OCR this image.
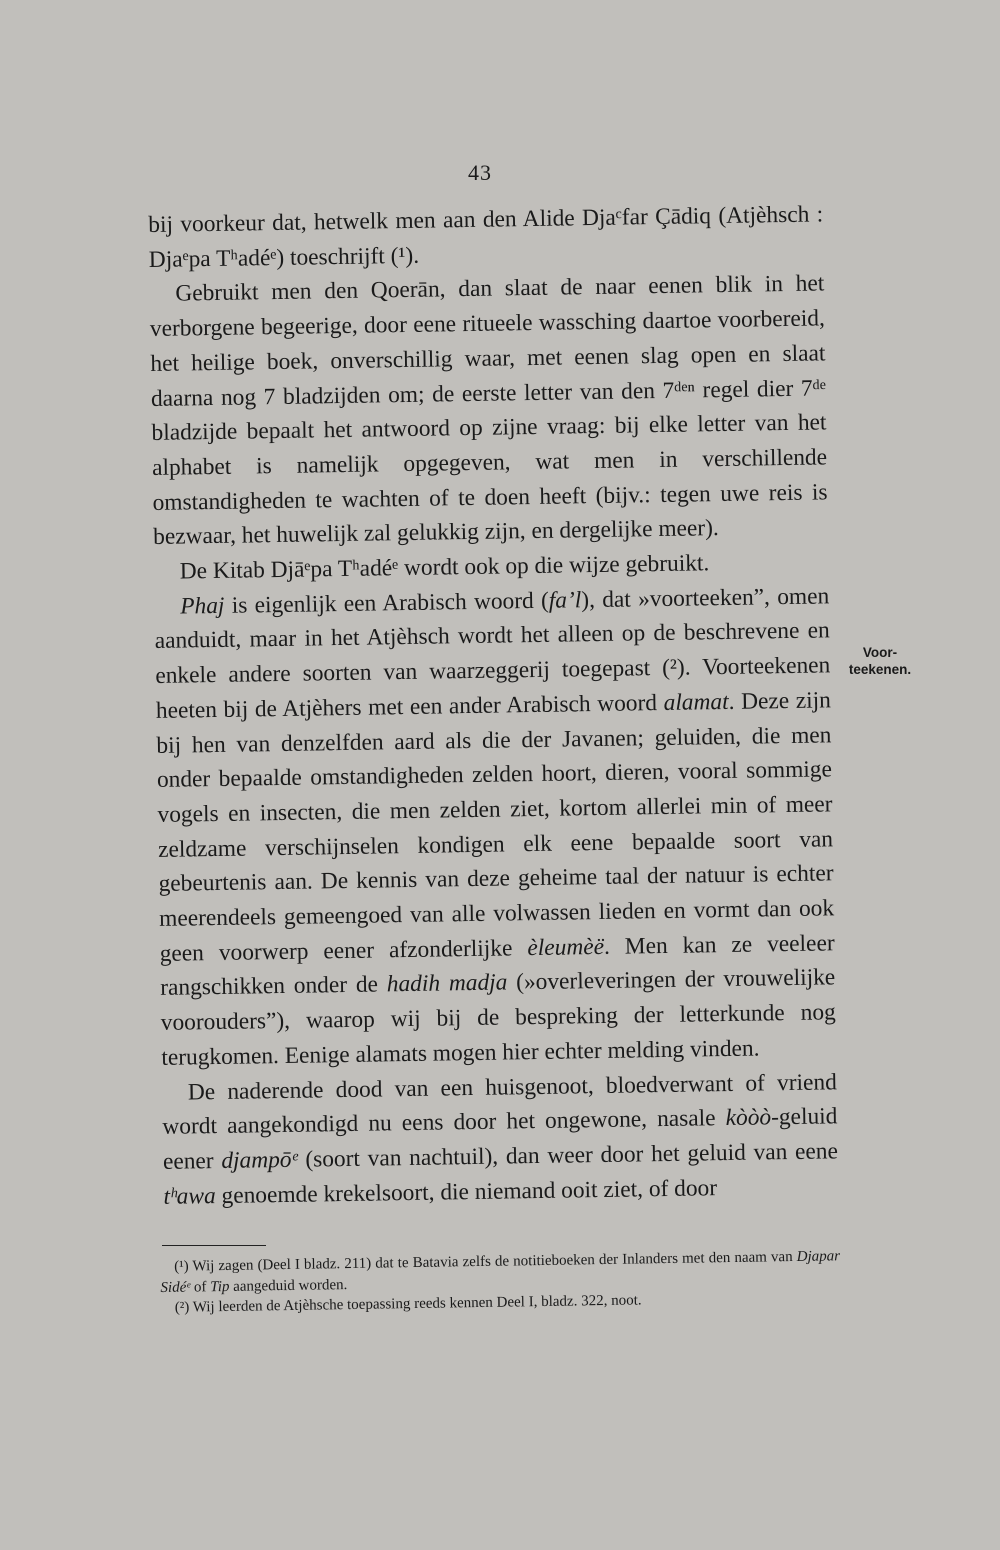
43

bij voorkeur dat, hetwelk men aan den Alide Djaᶜfar Çādiq (Atjèhsch : Djaᵉpa Tʰadéᵉ) toeschrijft (¹).

Gebruikt men den Qoerān, dan slaat de naar eenen blik in het verborgene begeerige, door eene ritueele wassching daartoe voorbereid, het heilige boek, onverschillig waar, met eenen slag open en slaat daarna nog 7 bladzijden om; de eerste letter van den 7ᵈᵉⁿ regel dier 7ᵈᵉ bladzijde bepaalt het antwoord op zijne vraag: bij elke letter van het alphabet is namelijk opgegeven, wat men in verschillende omstandigheden te wachten of te doen heeft (bijv.: tegen uwe reis is bezwaar, het huwelijk zal gelukkig zijn, en dergelijke meer).

De Kitab Djāᵉpa Tʰadéᵉ wordt ook op die wijze gebruikt.

Phaj is eigenlijk een Arabisch woord (faʼl), dat »voorteeken”, omen aanduidt, maar in het Atjèhsch wordt het alleen op de beschrevene en enkele andere soorten van waarzeggerij toegepast (²). Voorteekenen heeten bij de Atjèhers met een ander Arabisch woord alamat. Deze zijn bij hen van denzelfden aard als die der Javanen; geluiden, die men onder bepaalde omstandigheden zelden hoort, dieren, vooral sommige vogels en insecten, die men zelden ziet, kortom allerlei min of meer zeldzame verschijnselen kondigen elk eene bepaalde soort van gebeurtenis aan. De kennis van deze geheime taal der natuur is echter meerendeels gemeengoed van alle volwassen lieden en vormt dan ook geen voorwerp eener afzonderlijke èleumèë. Men kan ze veeleer rangschikken onder de hadih madja (»overleveringen der vrouwelijke voorouders”), waarop wij bij de bespreking der letterkunde nog terugkomen. Eenige alamats mogen hier echter melding vinden.

De naderende dood van een huisgenoot, bloedverwant of vriend wordt aangekondigd nu eens door het ongewone, nasale kòòò-geluid eener djampōᵉ (soort van nachtuil), dan weer door het geluid van eene tʰawa genoemde krekelsoort, die niemand ooit ziet, of door

Voor-
teekenen.

(¹) Wij zagen (Deel I bladz. 211) dat te Batavia zelfs de notitieboeken der Inlanders met den naam van Djapar Sidéᵉ of Tip aangeduid worden.

(²) Wij leerden de Atjèhsche toepassing reeds kennen Deel I, bladz. 322, noot.
